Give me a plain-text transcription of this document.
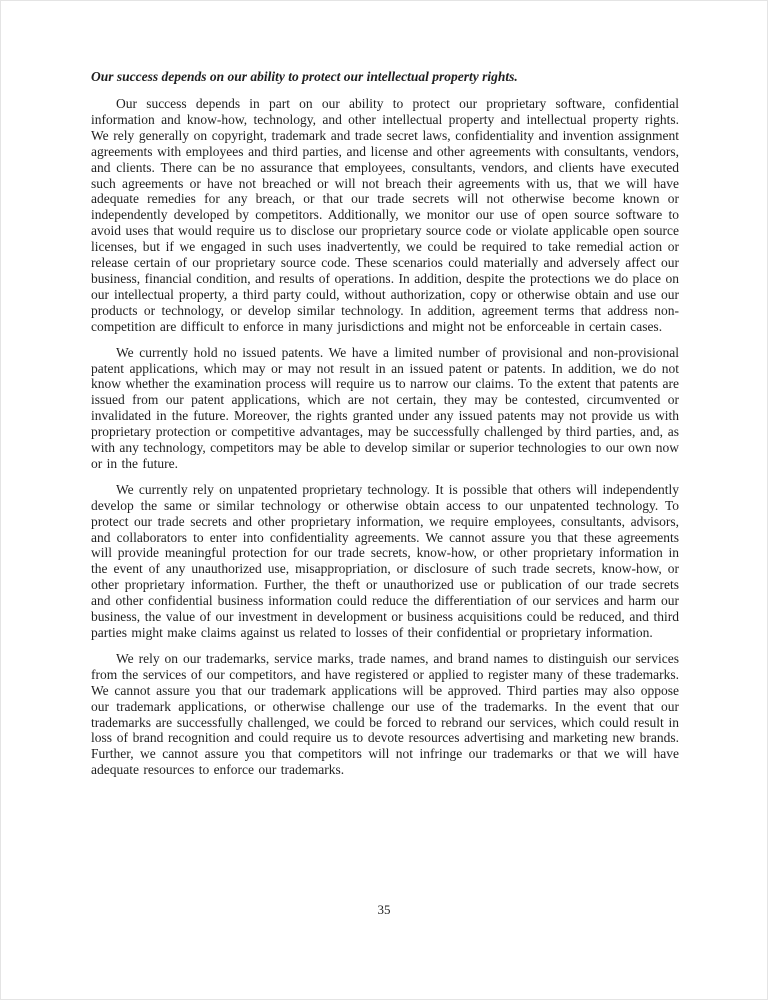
Our success depends on our ability to protect our intellectual property rights.

Our success depends in part on our ability to protect our proprietary software, confidential information and know-how, technology, and other intellectual property and intellectual property rights. We rely generally on copyright, trademark and trade secret laws, confidentiality and invention assignment agreements with employees and third parties, and license and other agreements with consultants, vendors, and clients. There can be no assurance that employees, consultants, vendors, and clients have executed such agreements or have not breached or will not breach their agreements with us, that we will have adequate remedies for any breach, or that our trade secrets will not otherwise become known or independently developed by competitors. Additionally, we monitor our use of open source software to avoid uses that would require us to disclose our proprietary source code or violate applicable open source licenses, but if we engaged in such uses inadvertently, we could be required to take remedial action or release certain of our proprietary source code. These scenarios could materially and adversely affect our business, financial condition, and results of operations. In addition, despite the protections we do place on our intellectual property, a third party could, without authorization, copy or otherwise obtain and use our products or technology, or develop similar technology. In addition, agreement terms that address non-competition are difficult to enforce in many jurisdictions and might not be enforceable in certain cases.

We currently hold no issued patents. We have a limited number of provisional and non-provisional patent applications, which may or may not result in an issued patent or patents. In addition, we do not know whether the examination process will require us to narrow our claims. To the extent that patents are issued from our patent applications, which are not certain, they may be contested, circumvented or invalidated in the future. Moreover, the rights granted under any issued patents may not provide us with proprietary protection or competitive advantages, may be successfully challenged by third parties, and, as with any technology, competitors may be able to develop similar or superior technologies to our own now or in the future.

We currently rely on unpatented proprietary technology. It is possible that others will independently develop the same or similar technology or otherwise obtain access to our unpatented technology. To protect our trade secrets and other proprietary information, we require employees, consultants, advisors, and collaborators to enter into confidentiality agreements. We cannot assure you that these agreements will provide meaningful protection for our trade secrets, know-how, or other proprietary information in the event of any unauthorized use, misappropriation, or disclosure of such trade secrets, know-how, or other proprietary information. Further, the theft or unauthorized use or publication of our trade secrets and other confidential business information could reduce the differentiation of our services and harm our business, the value of our investment in development or business acquisitions could be reduced, and third parties might make claims against us related to losses of their confidential or proprietary information.

We rely on our trademarks, service marks, trade names, and brand names to distinguish our services from the services of our competitors, and have registered or applied to register many of these trademarks. We cannot assure you that our trademark applications will be approved. Third parties may also oppose our trademark applications, or otherwise challenge our use of the trademarks. In the event that our trademarks are successfully challenged, we could be forced to rebrand our services, which could result in loss of brand recognition and could require us to devote resources advertising and marketing new brands. Further, we cannot assure you that competitors will not infringe our trademarks or that we will have adequate resources to enforce our trademarks.

35
